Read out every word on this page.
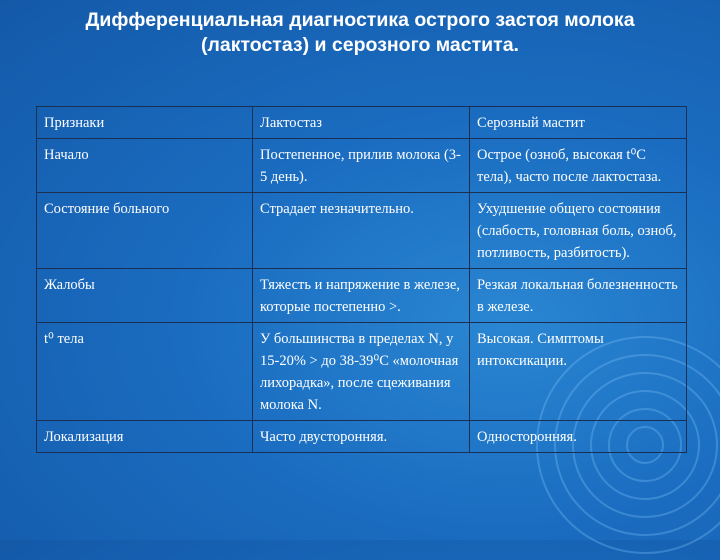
Дифференциальная диагностика острого застоя молока
(лактостаз) и серозного мастита.
Признаки	Лактостаз	Серозный мастит
Начало	Постепенное, прилив молока (3-5 день).	Острое (озноб, высокая t⁰С тела), часто после лактостаза.
Состояние больного	Страдает незначительно.	Ухудшение общего состояния (слабость, головная боль, озноб, потливость, разбитость).
Жалобы	Тяжесть и напряжение в железе, которые постепенно >.	Резкая локальная болезненность в железе.
t⁰ тела	У большинства в пределах N, у 15-20% > до 38-39⁰С «молочная лихорадка», после сцеживания молока N.	Высокая. Симптомы интоксикации.
Локализация	Часто двусторонняя.	Односторонняя.
